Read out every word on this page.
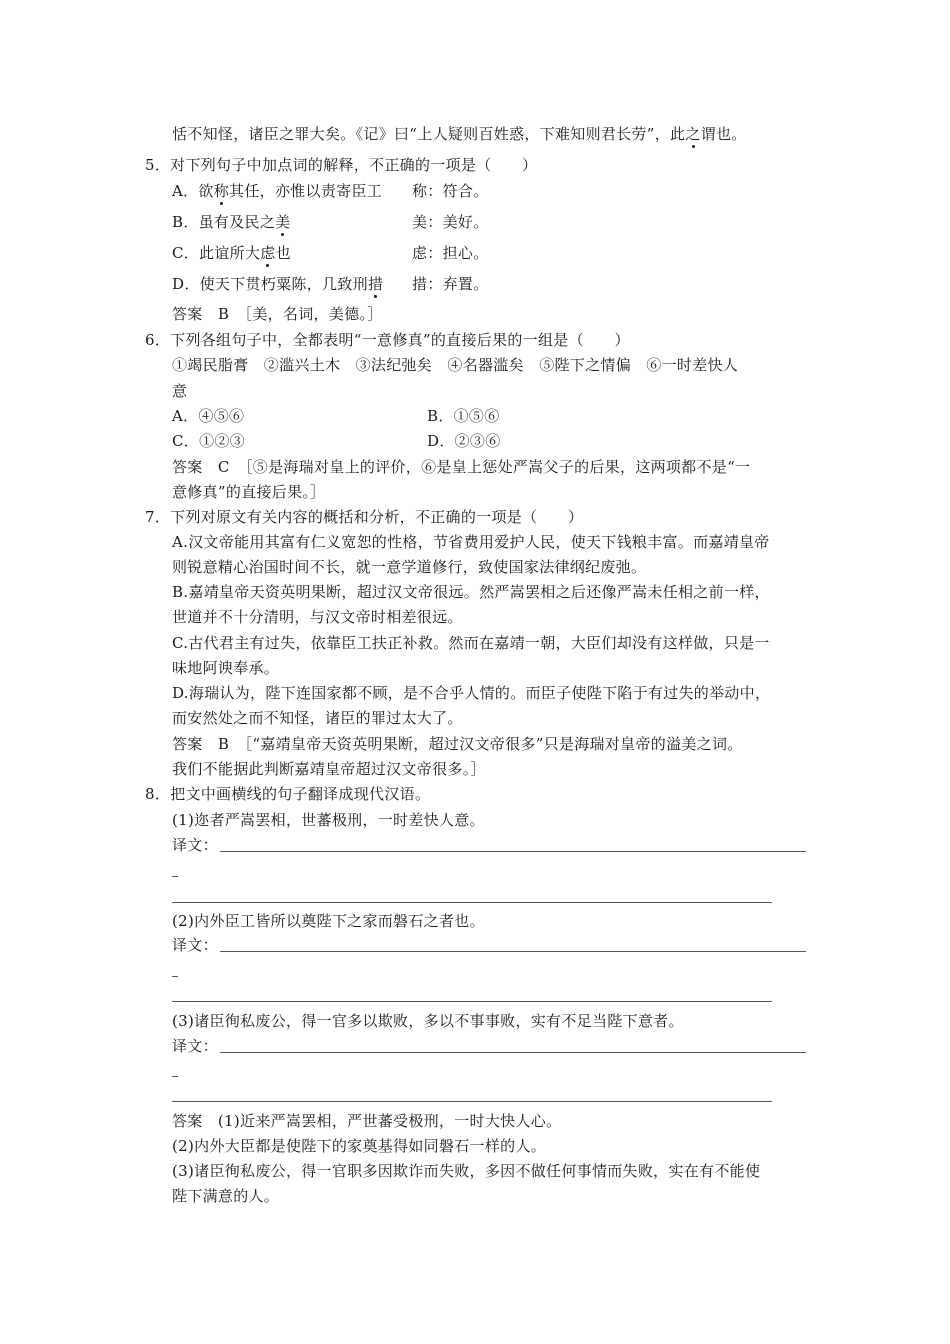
恬不知怪，诸臣之罪大矣。《记》曰“上人疑则百姓惑，下难知则君长劳”，此之谓也。
5．对下列句子中加点词的解释，不正确的一项是（　　）
A．欲称其任，亦惟以责寄臣工 称：符合。
B．虽有及民之美	美：美好。
C．此谊所大虑也	虑：担心。
D．使天下贯朽粟陈，几致刑措 措：弃置。
答案　B　［美，名词，美德。］
6．下列各组句子中，全都表明“一意修真”的直接后果的一组是（　　）
①竭民脂膏　②滥兴土木　③法纪弛矣　④名器滥矣　⑤陛下之情偏　⑥一时差快人
意
A．④⑤⑥	B．①⑤⑥
C．①②③	D．②③⑥
答案　C　［⑤是海瑞对皇上的评价，⑥是皇上惩处严嵩父子的后果，这两项都不是“一
意修真”的直接后果。］
7．下列对原文有关内容的概括和分析，不正确的一项是（　　）
A.汉文帝能用其富有仁义宽恕的性格，节省费用爱护人民，使天下钱粮丰富。而嘉靖皇帝
则锐意精心治国时间不长，就一意学道修行，致使国家法律纲纪废弛。
B.嘉靖皇帝天资英明果断，超过汉文帝很远。然严嵩罢相之后还像严嵩未任相之前一样，
世道并不十分清明，与汉文帝时相差很远。
C.古代君主有过失，依靠臣工扶正补救。然而在嘉靖一朝，大臣们却没有这样做，只是一
味地阿谀奉承。
D.海瑞认为，陛下连国家都不顾，是不合乎人情的。而臣子使陛下陷于有过失的举动中，
而安然处之而不知怪，诸臣的罪过太大了。
答案　B　［“嘉靖皇帝天资英明果断，超过汉文帝很多”只是海瑞对皇帝的溢美之词。
我们不能据此判断嘉靖皇帝超过汉文帝很多。］
8．把文中画横线的句子翻译成现代汉语。
(1)迩者严嵩罢相，世蕃极刑，一时差快人意。
译文：
(2)内外臣工皆所以奠陛下之家而磐石之者也。
译文：
(3)诸臣徇私废公，得一官多以欺败，多以不事事败，实有不足当陛下意者。
译文：
答案　(1)近来严嵩罢相，严世蕃受极刑，一时大快人心。
(2)内外大臣都是使陛下的家奠基得如同磐石一样的人。
(3)诸臣徇私废公，得一官职多因欺诈而失败，多因不做任何事情而失败，实在有不能使
陛下满意的人。
